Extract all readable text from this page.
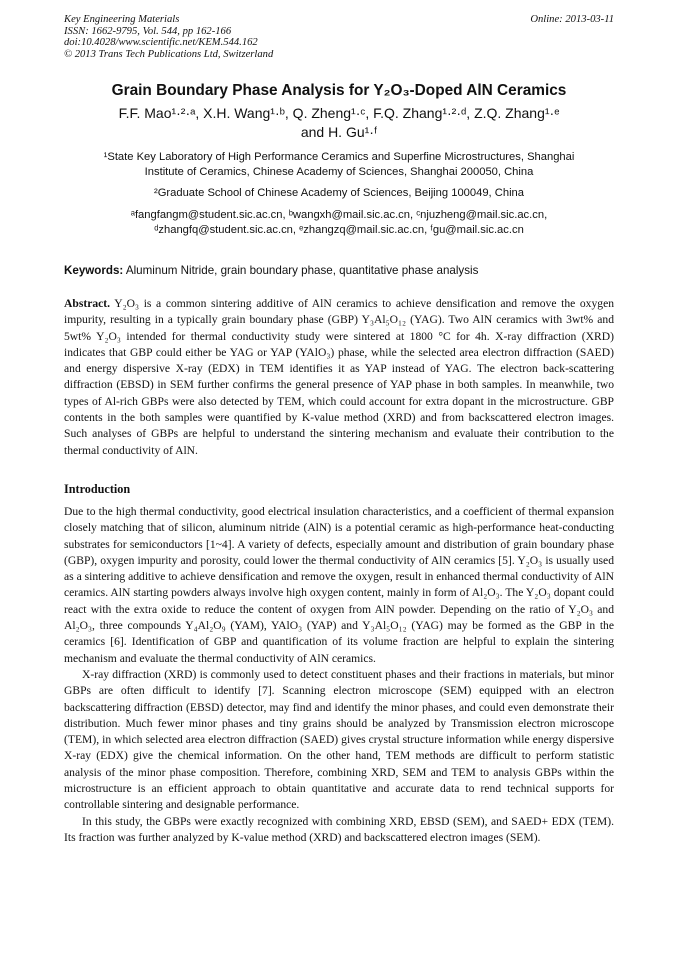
Key Engineering Materials
ISSN: 1662-9795, Vol. 544, pp 162-166
doi:10.4028/www.scientific.net/KEM.544.162
© 2013 Trans Tech Publications Ltd, Switzerland
Online: 2013-03-11
Grain Boundary Phase Analysis for Y₂O₃-Doped AlN Ceramics
F.F. Mao¹·²·ᵃ, X.H. Wang¹·ᵇ, Q. Zheng¹·ᶜ, F.Q. Zhang¹·²·ᵈ, Z.Q. Zhang¹·ᵉ
and H. Gu¹·ᶠ
¹State Key Laboratory of High Performance Ceramics and Superfine Microstructures, Shanghai
Institute of Ceramics, Chinese Academy of Sciences, Shanghai 200050, China
²Graduate School of Chinese Academy of Sciences, Beijing 100049, China
ᵃfangfangm@student.sic.ac.cn, ᵇwangxh@mail.sic.ac.cn, ᶜnjuzheng@mail.sic.ac.cn,
ᵈzhangfq@student.sic.ac.cn, ᵉzhangzq@mail.sic.ac.cn, ᶠgu@mail.sic.ac.cn
Keywords: Aluminum Nitride, grain boundary phase, quantitative phase analysis
Abstract. Y₂O₃ is a common sintering additive of AlN ceramics to achieve densification and remove the oxygen impurity, resulting in a typically grain boundary phase (GBP) Y₃Al₅O₁₂ (YAG). Two AlN ceramics with 3wt% and 5wt% Y₂O₃ intended for thermal conductivity study were sintered at 1800 °C for 4h. X-ray diffraction (XRD) indicates that GBP could either be YAG or YAP (YAlO₃) phase, while the selected area electron diffraction (SAED) and energy dispersive X-ray (EDX) in TEM identifies it as YAP instead of YAG. The electron back-scattering diffraction (EBSD) in SEM further confirms the general presence of YAP phase in both samples. In meanwhile, two types of Al-rich GBPs were also detected by TEM, which could account for extra dopant in the microstructure. GBP contents in the both samples were quantified by K-value method (XRD) and from backscattered electron images. Such analyses of GBPs are helpful to understand the sintering mechanism and evaluate their contribution to the thermal conductivity of AlN.
Introduction
Due to the high thermal conductivity, good electrical insulation characteristics, and a coefficient of thermal expansion closely matching that of silicon, aluminum nitride (AlN) is a potential ceramic as high-performance heat-conducting substrates for semiconductors [1~4]. A variety of defects, especially amount and distribution of grain boundary phase (GBP), oxygen impurity and porosity, could lower the thermal conductivity of AlN ceramics [5]. Y₂O₃ is usually used as a sintering additive to achieve densification and remove the oxygen, result in enhanced thermal conductivity of AlN ceramics. AlN starting powders always involve high oxygen content, mainly in form of Al₂O₃. The Y₂O₃ dopant could react with the extra oxide to reduce the content of oxygen from AlN powder. Depending on the ratio of Y₂O₃ and Al₂O₃, three compounds Y₄Al₂O₉ (YAM), YAlO₃ (YAP) and Y₃Al₅O₁₂ (YAG) may be formed as the GBP in the ceramics [6]. Identification of GBP and quantification of its volume fraction are helpful to explain the sintering mechanism and evaluate the thermal conductivity of AlN ceramics.
X-ray diffraction (XRD) is commonly used to detect constituent phases and their fractions in materials, but minor GBPs are often difficult to identify [7]. Scanning electron microscope (SEM) equipped with an electron backscattering diffraction (EBSD) detector, may find and identify the minor phases, and could even demonstrate their distribution. Much fewer minor phases and tiny grains should be analyzed by Transmission electron microscope (TEM), in which selected area electron diffraction (SAED) gives crystal structure information while energy dispersive X-ray (EDX) give the chemical information. On the other hand, TEM methods are difficult to perform statistic analysis of the minor phase composition. Therefore, combining XRD, SEM and TEM to analysis GBPs within the microstructure is an efficient approach to obtain quantitative and accurate data to rend technical supports for controllable sintering and designable performance.
In this study, the GBPs were exactly recognized with combining XRD, EBSD (SEM), and SAED+ EDX (TEM). Its fraction was further analyzed by K-value method (XRD) and backscattered electron images (SEM).
